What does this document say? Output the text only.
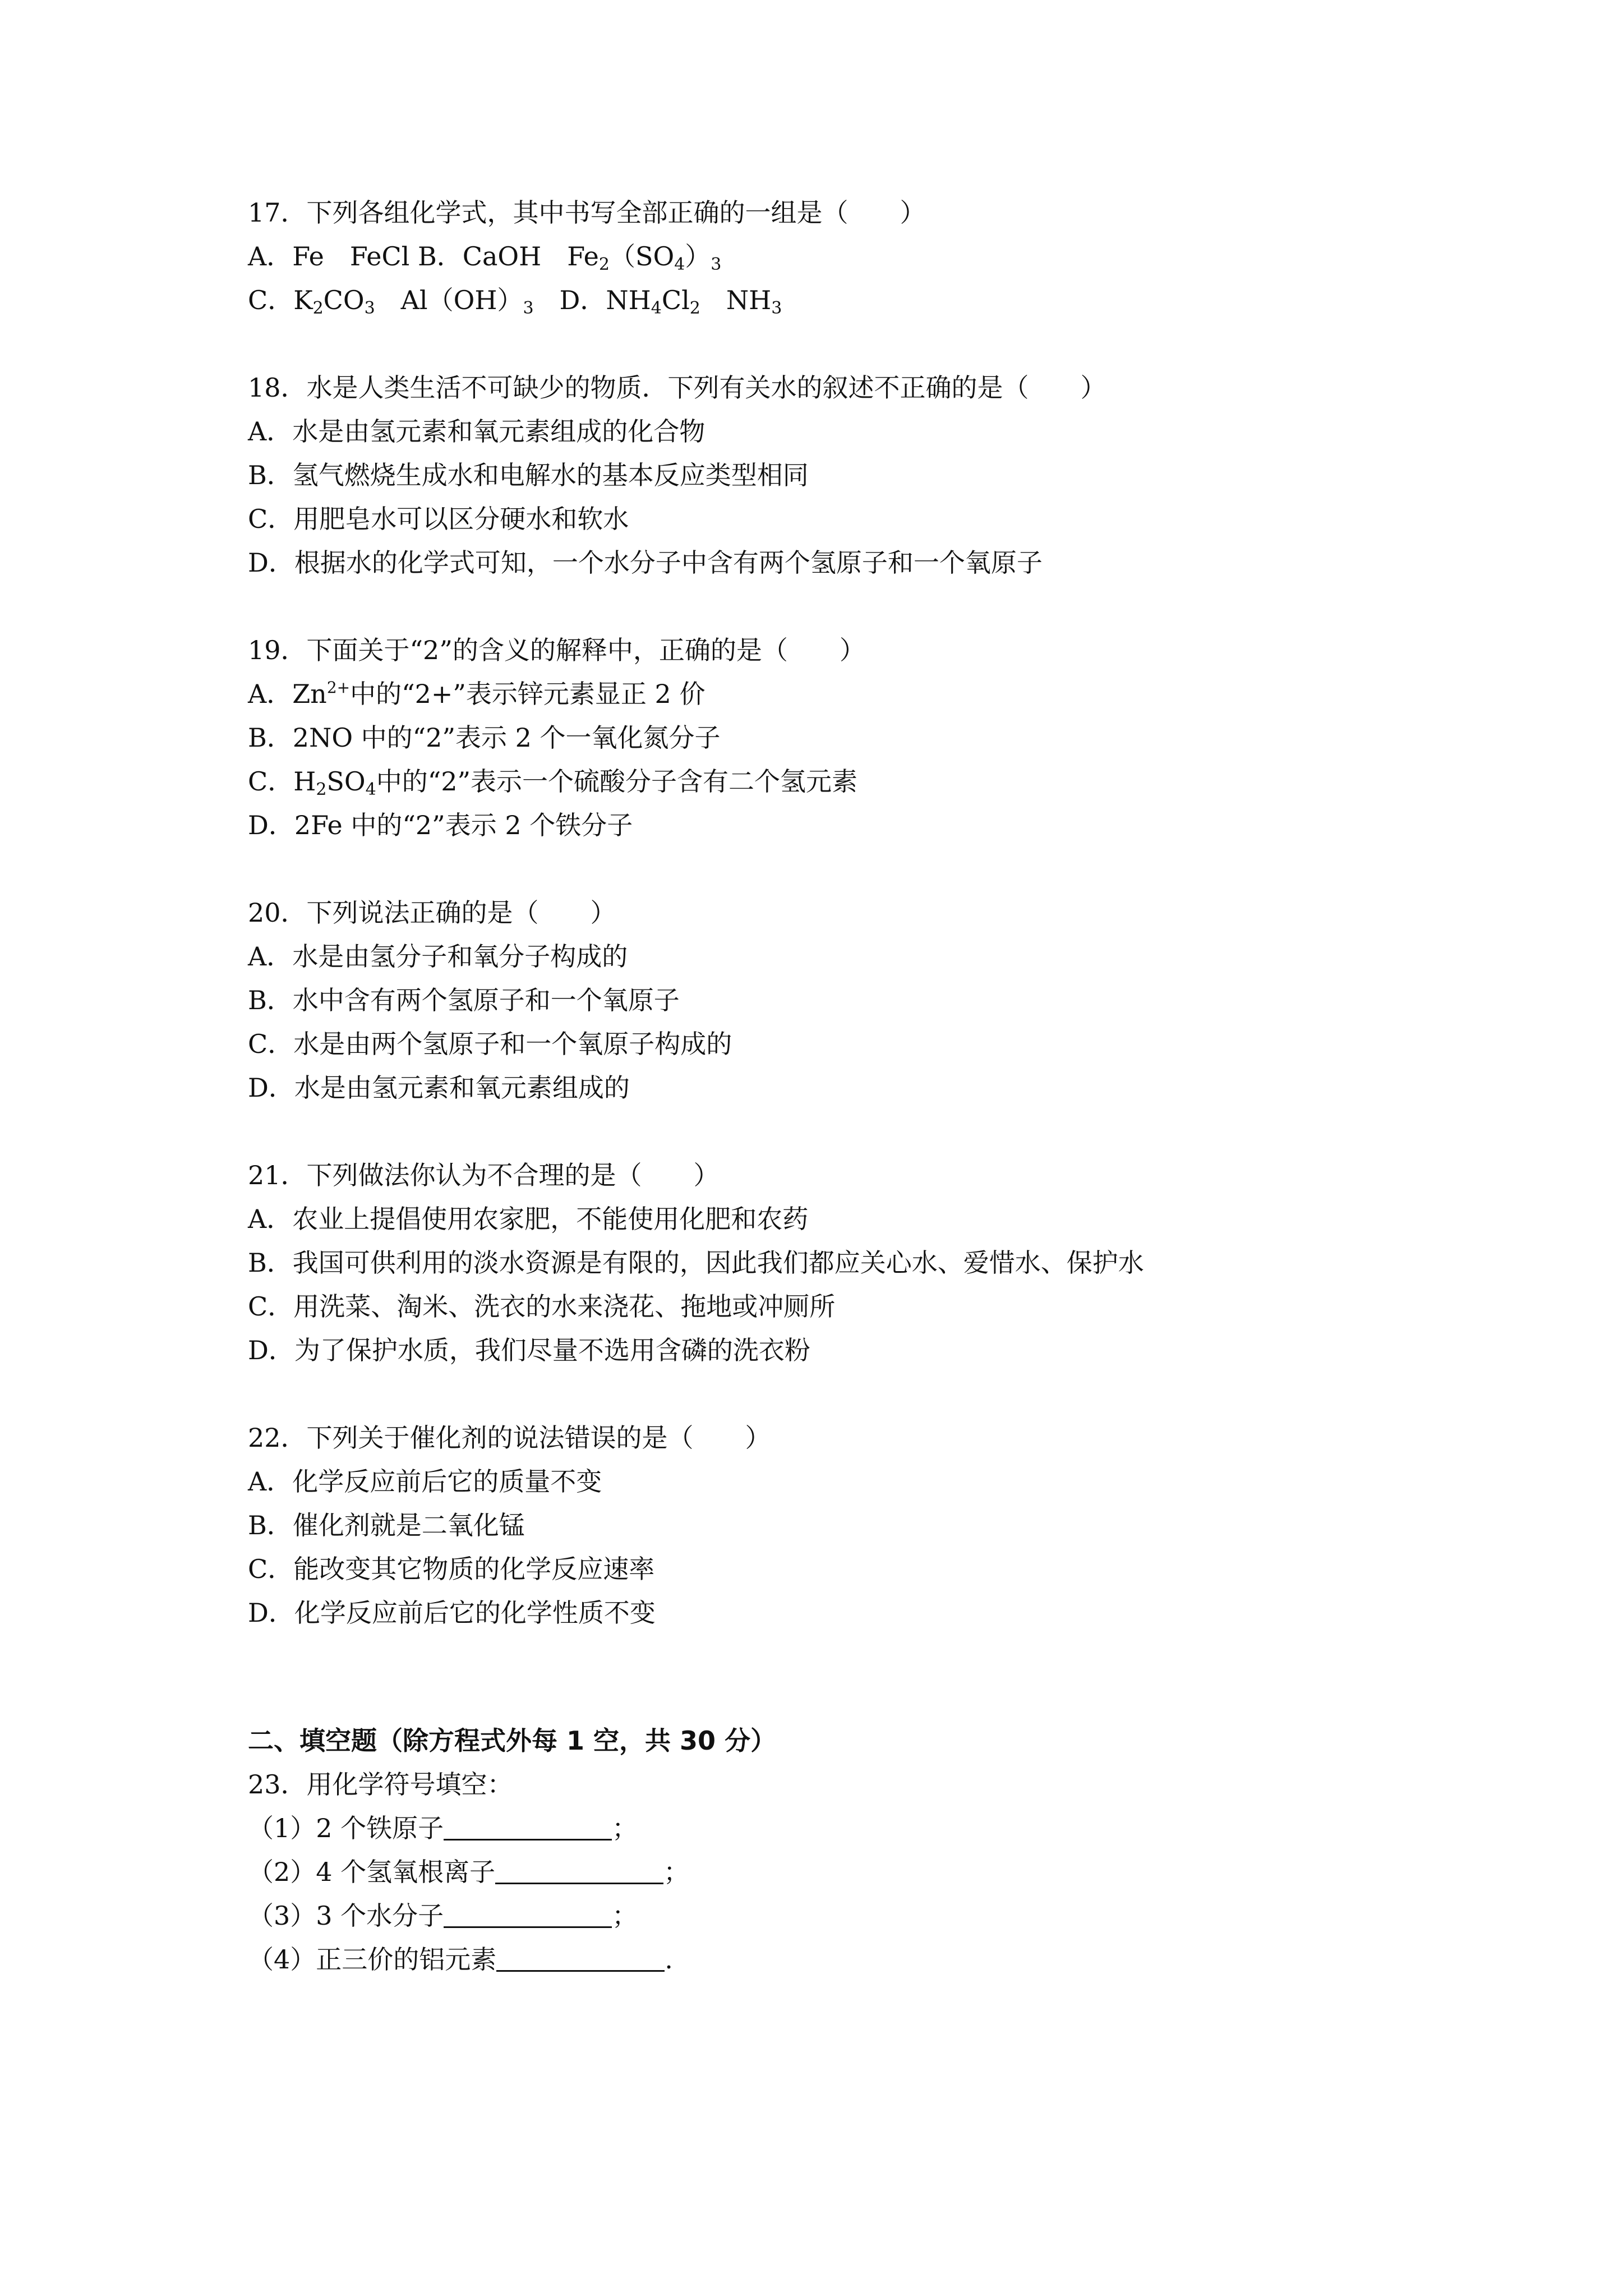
17．下列各组化学式，其中书写全部正确的一组是（　　）
A．Fe　FeCl B．CaOH　$Fe_2(SO_4)_3$
C．$K_2CO_3$　$Al(OH)_3$　D．$NH_4Cl_2$　$NH_3$
18．水是人类生活不可缺少的物质．下列有关水的叙述不正确的是（　　）
A．水是由氢元素和氧元素组成的化合物
B．氢气燃烧生成水和电解水的基本反应类型相同
C．用肥皂水可以区分硬水和软水
D．根据水的化学式可知，一个水分子中含有两个氢原子和一个氧原子
19．下面关于“2”的含义的解释中，正确的是（　　）
A．$Zn^{2+}$中的“2+”表示锌元素显正 2 价
B．2NO 中的“2”表示 2 个一氧化氮分子
C．$H_2SO_4$中的“2”表示一个硫酸分子含有二个氢元素
D．2Fe 中的“2”表示 2 个铁分子
20．下列说法正确的是（　　）
A．水是由氢分子和氧分子构成的
B．水中含有两个氢原子和一个氧原子
C．水是由两个氢原子和一个氧原子构成的
D．水是由氢元素和氧元素组成的
21．下列做法你认为不合理的是（　　）
A．农业上提倡使用农家肥，不能使用化肥和农药
B．我国可供利用的淡水资源是有限的，因此我们都应关心水、爱惜水、保护水
C．用洗菜、淘米、洗衣的水来浇花、拖地或冲厕所
D．为了保护水质，我们尽量不选用含磷的洗衣粉
22．下列关于催化剂的说法错误的是（　　）
A．化学反应前后它的质量不变
B．催化剂就是二氧化锰
C．能改变其它物质的化学反应速率
D．化学反应前后它的化学性质不变
二、填空题（除方程式外每 1 空，共 30 分）
23．用化学符号填空：
（1）2 个铁原子	；
（2）4 个氢氧根离子	；
（3）3 个水分子	；
（4）正三价的铝元素	.
